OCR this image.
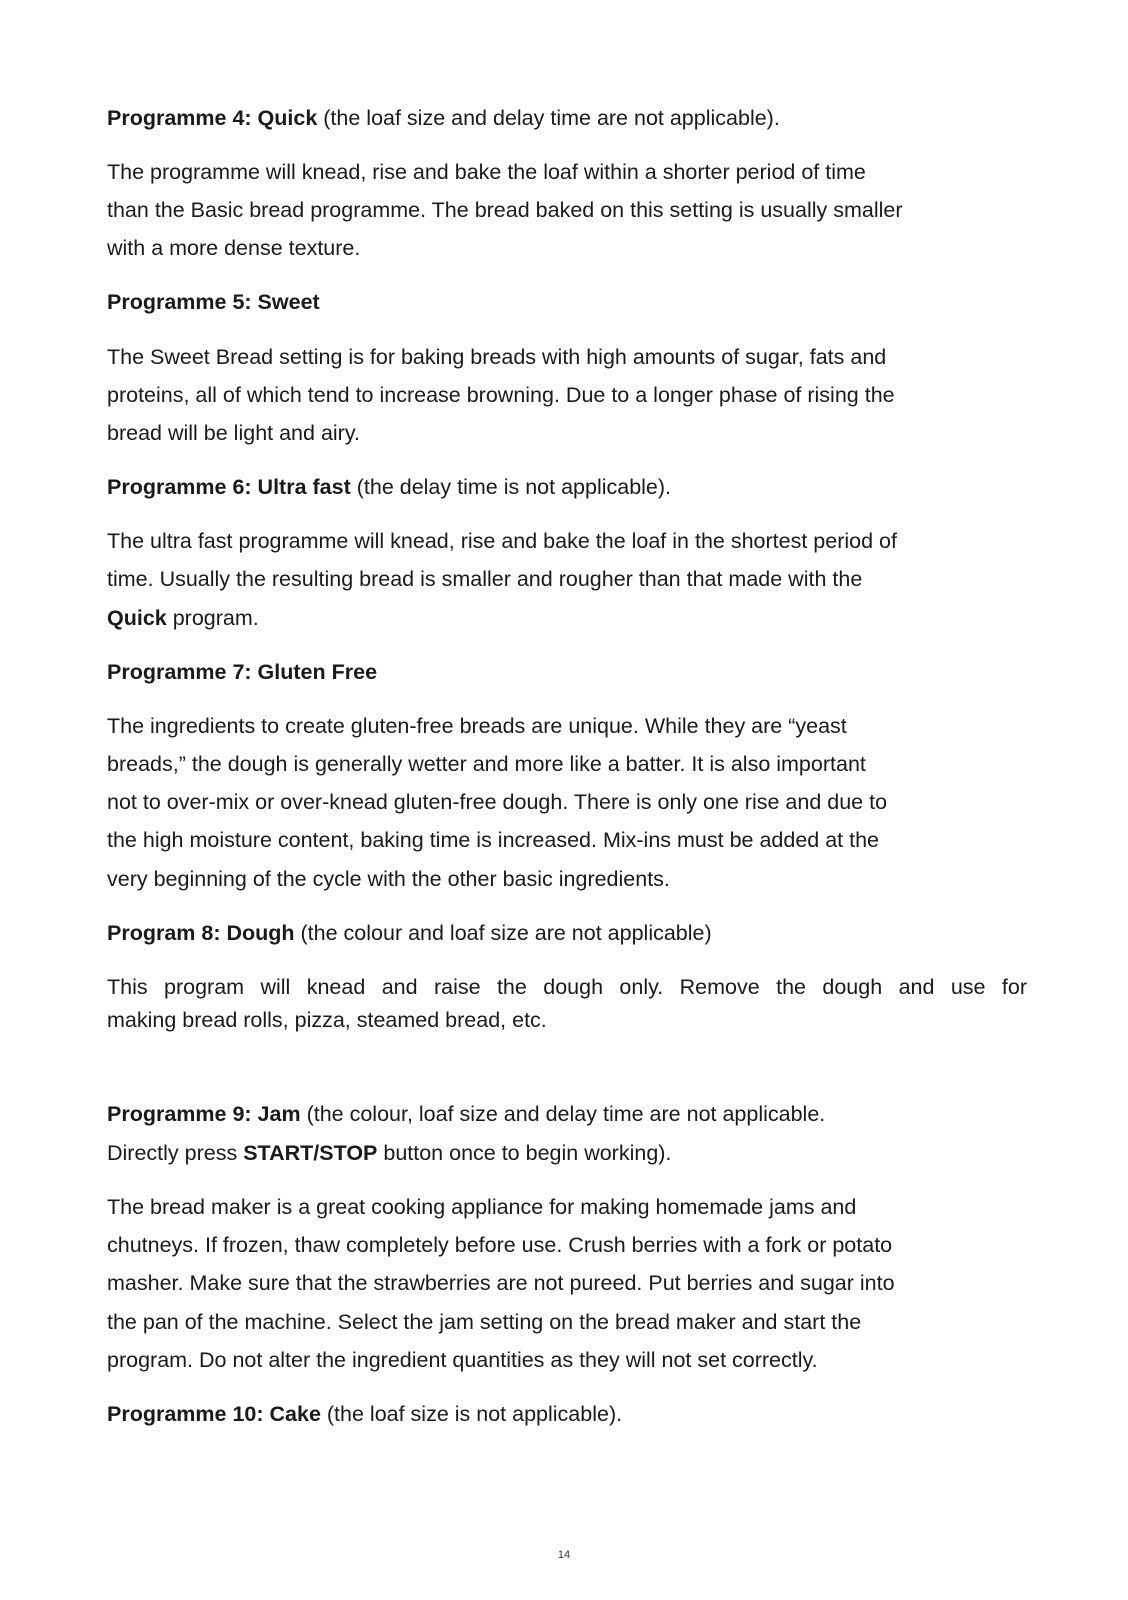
Programme 4: Quick (the loaf size and delay time are not applicable).
The programme will knead, rise and bake the loaf within a shorter period of time
than the Basic bread programme. The bread baked on this setting is usually smaller
with a more dense texture.
Programme 5: Sweet
The Sweet Bread setting is for baking breads with high amounts of sugar, fats and
proteins, all of which tend to increase browning. Due to a longer phase of rising the
bread will be light and airy.
Programme 6: Ultra fast (the delay time is not applicable).
The ultra fast programme will knead, rise and bake the loaf in the shortest period of
time. Usually the resulting bread is smaller and rougher than that made with the
Quick program.
Programme 7: Gluten Free
The ingredients to create gluten-free breads are unique. While they are “yeast
breads,” the dough is generally wetter and more like a batter. It is also important
not to over-mix or over-knead gluten-free dough. There is only one rise and due to
the high moisture content, baking time is increased. Mix-ins must be added at the
very beginning of the cycle with the other basic ingredients.
Program 8: Dough (the colour and loaf size are not applicable)
This program will knead and raise the dough only. Remove the dough and use for
making bread rolls, pizza, steamed bread, etc.
Programme 9: Jam (the colour, loaf size and delay time are not applicable.
Directly press START/STOP button once to begin working).
The bread maker is a great cooking appliance for making homemade jams and
chutneys. If frozen, thaw completely before use. Crush berries with a fork or potato
masher. Make sure that the strawberries are not pureed. Put berries and sugar into
the pan of the machine. Select the jam setting on the bread maker and start the
program. Do not alter the ingredient quantities as they will not set correctly.
Programme 10: Cake (the loaf size is not applicable).
14
